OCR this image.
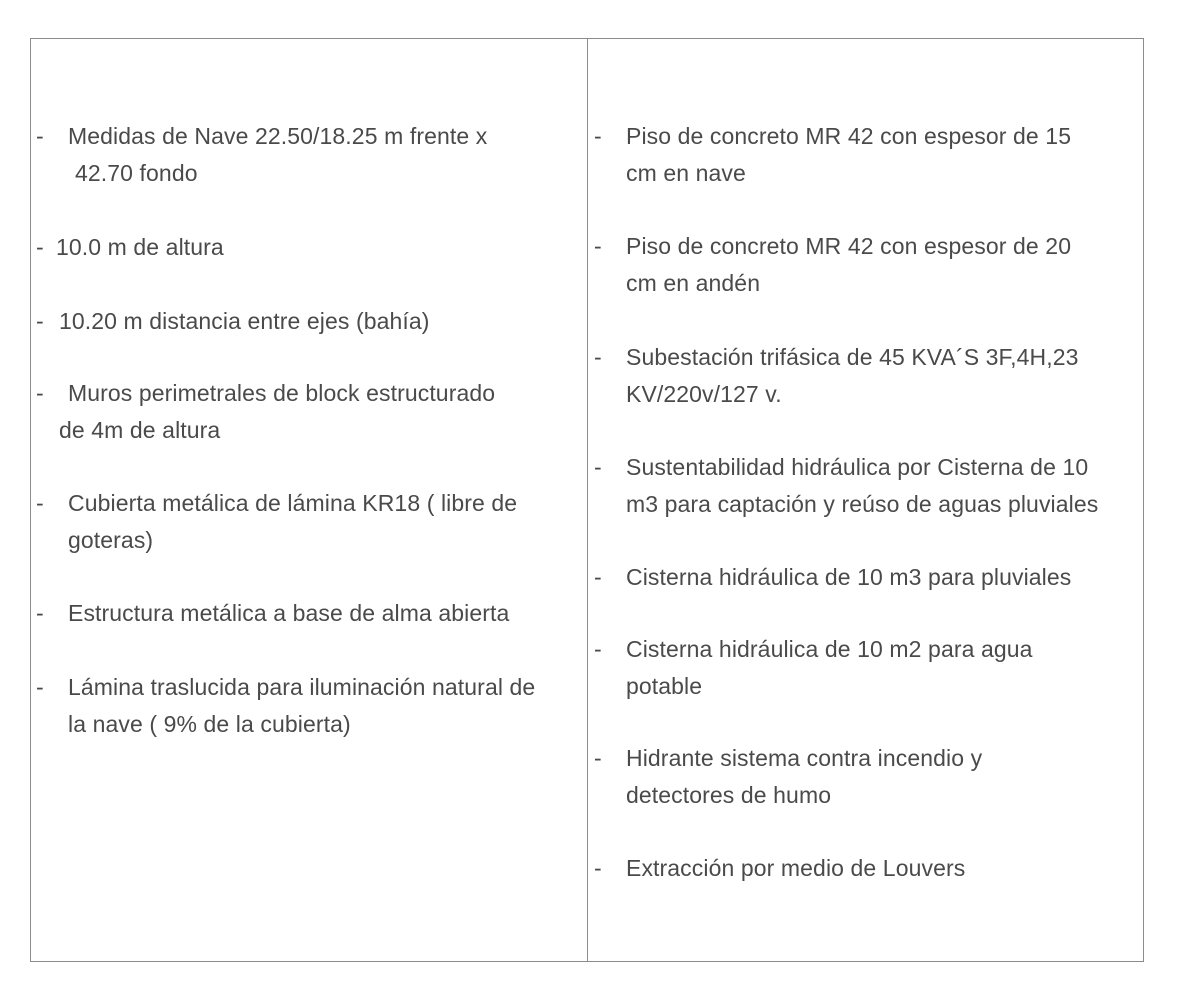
- Medidas de Nave 22.50/18.25 m frente x
42.70 fondo
- 10.0 m de altura
- 10.20 m distancia entre ejes (bahía)
- Muros perimetrales de block estructurado
de 4m de altura
- Cubierta metálica de lámina KR18 ( libre de
goteras)
- Estructura metálica a base de alma abierta
- Lámina traslucida para iluminación natural de
la nave ( 9% de la cubierta)
- Piso de concreto MR 42 con espesor de 15
cm en nave
- Piso de concreto MR 42 con espesor de 20
cm en andén
- Subestación trifásica de 45 KVA´S 3F,4H,23
KV/220v/127 v.
- Sustentabilidad hidráulica por Cisterna de 10
m3 para captación y reúso de aguas pluviales
- Cisterna hidráulica de 10 m3 para pluviales
- Cisterna hidráulica de 10 m2 para agua
potable
- Hidrante sistema contra incendio y
detectores de humo
- Extracción por medio de Louvers
